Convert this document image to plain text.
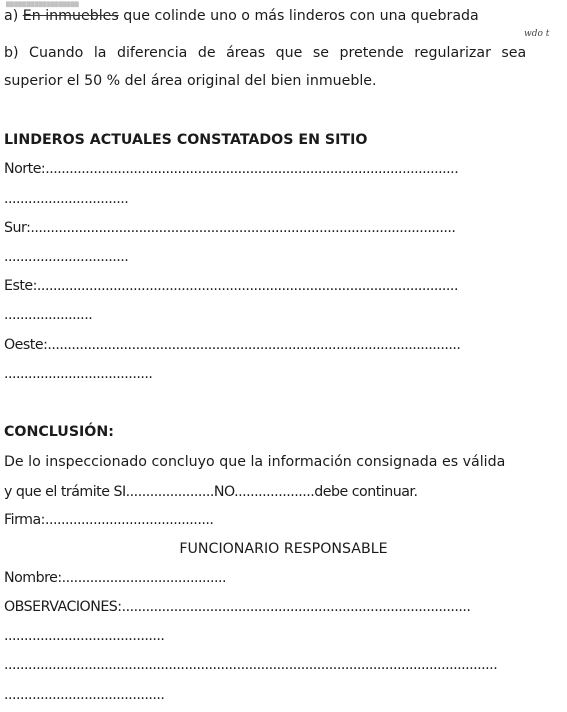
▒▒▒▒▒▒▒▒▒▒▒▒▒▒▒▒▒▒
a) En inmuebles que colinde uno o más linderos con una quebrada
wdo t
b) Cuando la diferencia de áreas que se pretende regularizar sea
superior el 50 % del área original del bien inmueble.
LINDEROS ACTUALES CONSTATADOS EN SITIO
Norte:.......................................................................................................
...............................
Sur:..........................................................................................................
...............................
Este:.........................................................................................................
......................
Oeste:.......................................................................................................
.....................................
CONCLUSIÓN:
De lo inspeccionado concluyo que la información consignada es válida
y que el trámite SI......................NO....................debe continuar.
Firma:..........................................
FUNCIONARIO RESPONSABLE
Nombre:.........................................
OBSERVACIONES:.......................................................................................
........................................
...........................................................................................................................
........................................
